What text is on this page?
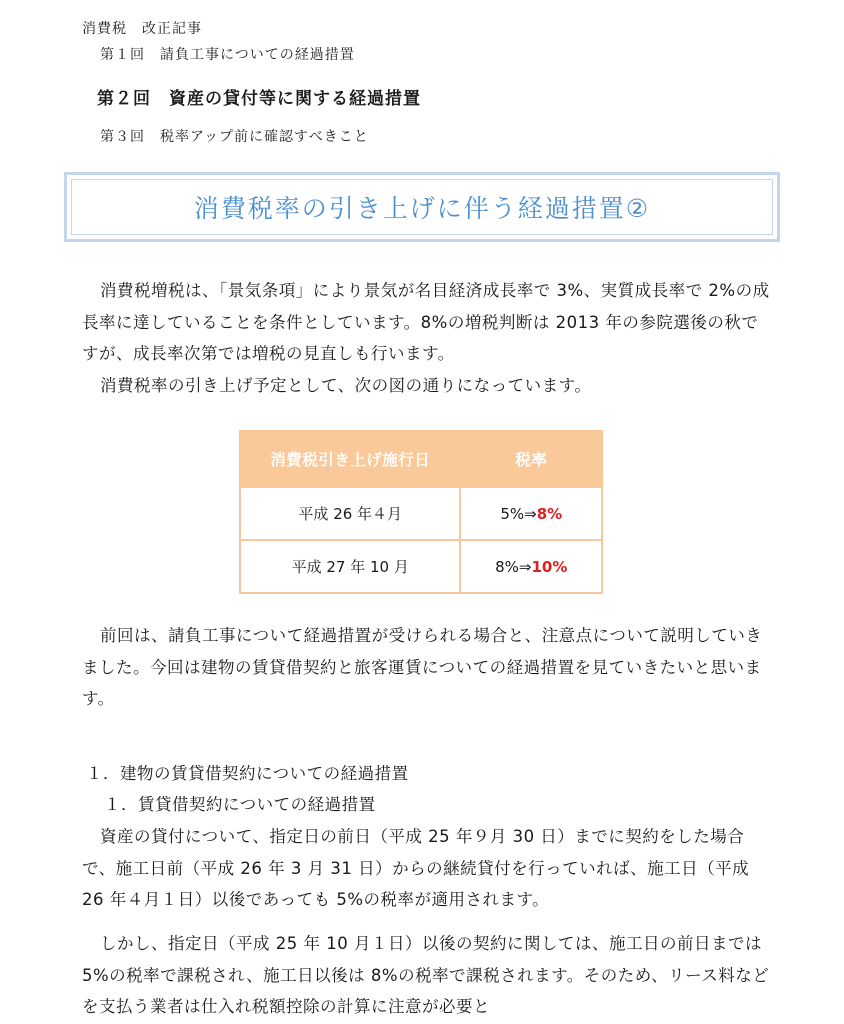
消費税　改正記事
第１回　請負工事についての経過措置
第２回　資産の貸付等に関する経過措置
第３回　税率アップ前に確認すべきこと
消費税率の引き上げに伴う経過措置②

消費税増税は、「景気条項」により景気が名目経済成長率で 3%、実質成長率で 2%の成長率に達していることを条件としています。8%の増税判断は 2013 年の参院選後の秋ですが、成長率次第では増税の見直しも行います。

消費税率の引き上げ予定として、次の図の通りになっています。

消費税引き上げ施行日	税率
平成 26 年４月	5%⇒8%
平成 27 年 10 月	8%⇒10%

前回は、請負工事について経過措置が受けられる場合と、注意点について説明していきました。今回は建物の賃貸借契約と旅客運賃についての経過措置を見ていきたいと思います。

１．建物の賃貸借契約についての経過措置
１．賃貸借契約についての経過措置

資産の貸付について、指定日の前日（平成 25 年９月 30 日）までに契約をした場合で、施工日前（平成 26 年 3 月 31 日）からの継続貸付を行っていれば、施工日（平成 26 年４月１日）以後であっても 5%の税率が適用されます。

しかし、指定日（平成 25 年 10 月１日）以後の契約に関しては、施工日の前日までは 5%の税率で課税され、施工日以後は 8%の税率で課税されます。そのため、リース料などを支払う業者は仕入れ税額控除の計算に注意が必要と
